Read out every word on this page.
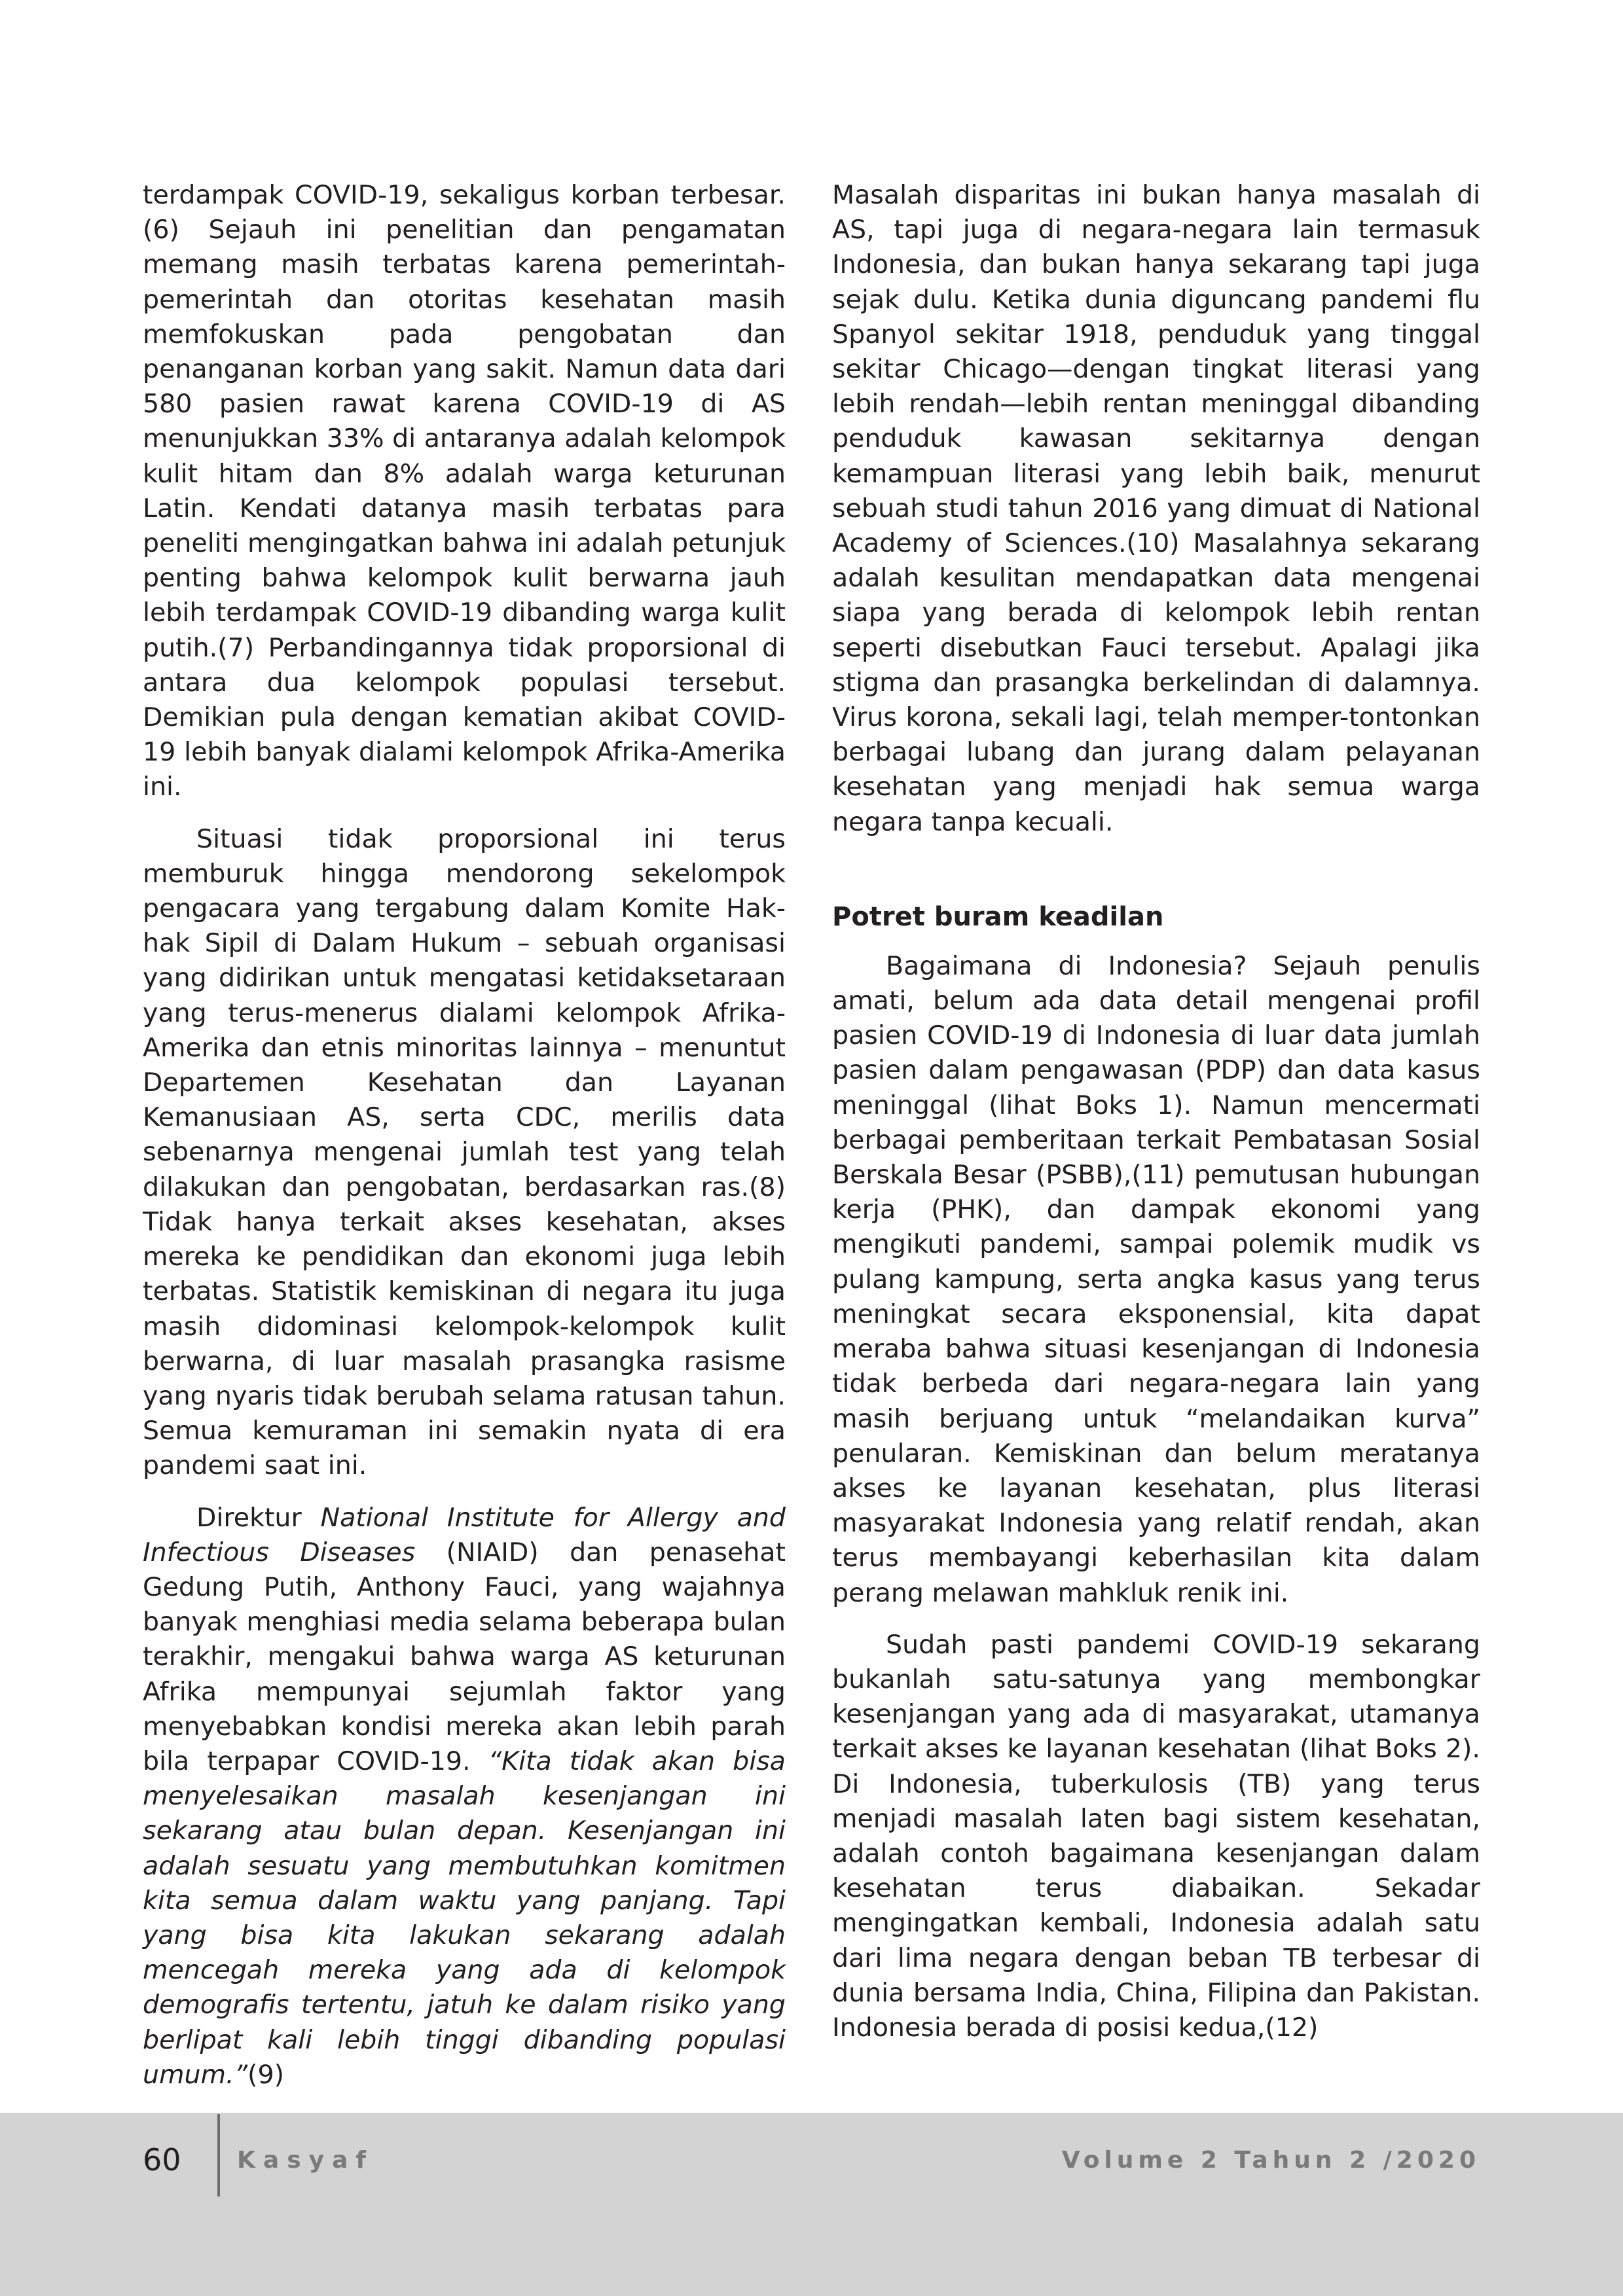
terdampak COVID-19, sekaligus korban terbesar.(6) Sejauh ini penelitian dan pengamatan memang masih terbatas karena pemerintah-pemerintah dan otoritas kesehatan masih memfokuskan pada pengobatan dan penanganan korban yang sakit. Namun data dari 580 pasien rawat karena COVID-19 di AS menunjukkan 33% di antaranya adalah kelompok kulit hitam dan 8% adalah warga keturunan Latin. Kendati datanya masih terbatas para peneliti mengingatkan bahwa ini adalah petunjuk penting bahwa kelompok kulit berwarna jauh lebih terdampak COVID-19 dibanding warga kulit putih.(7) Perbandingannya tidak proporsional di antara dua kelompok populasi tersebut. Demikian pula dengan kematian akibat COVID-19 lebih banyak dialami kelompok Afrika-Amerika ini.

Situasi tidak proporsional ini terus memburuk hingga mendorong sekelompok pengacara yang tergabung dalam Komite Hak-hak Sipil di Dalam Hukum – sebuah organisasi yang didirikan untuk mengatasi ketidaksetaraan yang terus-menerus dialami kelompok Afrika-Amerika dan etnis minoritas lainnya – menuntut Departemen Kesehatan dan Layanan Kemanusiaan AS, serta CDC, merilis data sebenarnya mengenai jumlah test yang telah dilakukan dan pengobatan, berdasarkan ras.(8) Tidak hanya terkait akses kesehatan, akses mereka ke pendidikan dan ekonomi juga lebih terbatas. Statistik kemiskinan di negara itu juga masih didominasi kelompok-kelompok kulit berwarna, di luar masalah prasangka rasisme yang nyaris tidak berubah selama ratusan tahun. Semua kemuraman ini semakin nyata di era pandemi saat ini.

Direktur National Institute for Allergy and Infectious Diseases (NIAID) dan penasehat Gedung Putih, Anthony Fauci, yang wajahnya banyak menghiasi media selama beberapa bulan terakhir, mengakui bahwa warga AS keturunan Afrika mempunyai sejumlah faktor yang menyebabkan kondisi mereka akan lebih parah bila terpapar COVID-19. “Kita tidak akan bisa menyelesaikan masalah kesenjangan ini sekarang atau bulan depan. Kesenjangan ini adalah sesuatu yang membutuhkan komitmen kita semua dalam waktu yang panjang. Tapi yang bisa kita lakukan sekarang adalah mencegah mereka yang ada di kelompok demografis tertentu, jatuh ke dalam risiko yang berlipat kali lebih tinggi dibanding populasi umum.”(9)

Masalah disparitas ini bukan hanya masalah di AS, tapi juga di negara-negara lain termasuk Indonesia, dan bukan hanya sekarang tapi juga sejak dulu. Ketika dunia diguncang pandemi flu Spanyol sekitar 1918, penduduk yang tinggal sekitar Chicago—dengan tingkat literasi yang lebih rendah—lebih rentan meninggal dibanding penduduk kawasan sekitarnya dengan kemampuan literasi yang lebih baik, menurut sebuah studi tahun 2016 yang dimuat di National Academy of Sciences.(10) Masalahnya sekarang adalah kesulitan mendapatkan data mengenai siapa yang berada di kelompok lebih rentan seperti disebutkan Fauci tersebut. Apalagi jika stigma dan prasangka berkelindan di dalamnya. Virus korona, sekali lagi, telah memper-tontonkan berbagai lubang dan jurang dalam pelayanan kesehatan yang menjadi hak semua warga negara tanpa kecuali.

Potret buram keadilan

Bagaimana di Indonesia? Sejauh penulis amati, belum ada data detail mengenai profil pasien COVID-19 di Indonesia di luar data jumlah pasien dalam pengawasan (PDP) dan data kasus meninggal (lihat Boks 1). Namun mencermati berbagai pemberitaan terkait Pembatasan Sosial Berskala Besar (PSBB),(11) pemutusan hubungan kerja (PHK), dan dampak ekonomi yang mengikuti pandemi, sampai polemik mudik vs pulang kampung, serta angka kasus yang terus meningkat secara eksponensial, kita dapat meraba bahwa situasi kesenjangan di Indonesia tidak berbeda dari negara-negara lain yang masih berjuang untuk “melandaikan kurva” penularan. Kemiskinan dan belum meratanya akses ke layanan kesehatan, plus literasi masyarakat Indonesia yang relatif rendah, akan terus membayangi keberhasilan kita dalam perang melawan mahkluk renik ini.

Sudah pasti pandemi COVID-19 sekarang bukanlah satu-satunya yang membongkar kesenjangan yang ada di masyarakat, utamanya terkait akses ke layanan kesehatan (lihat Boks 2). Di Indonesia, tuberkulosis (TB) yang terus menjadi masalah laten bagi sistem kesehatan, adalah contoh bagaimana kesenjangan dalam kesehatan terus diabaikan. Sekadar mengingatkan kembali, Indonesia adalah satu dari lima negara dengan beban TB terbesar di dunia bersama India, China, Filipina dan Pakistan. Indonesia berada di posisi kedua,(12)

60 Kasyaf	Volume 2 Tahun 2 /2020
